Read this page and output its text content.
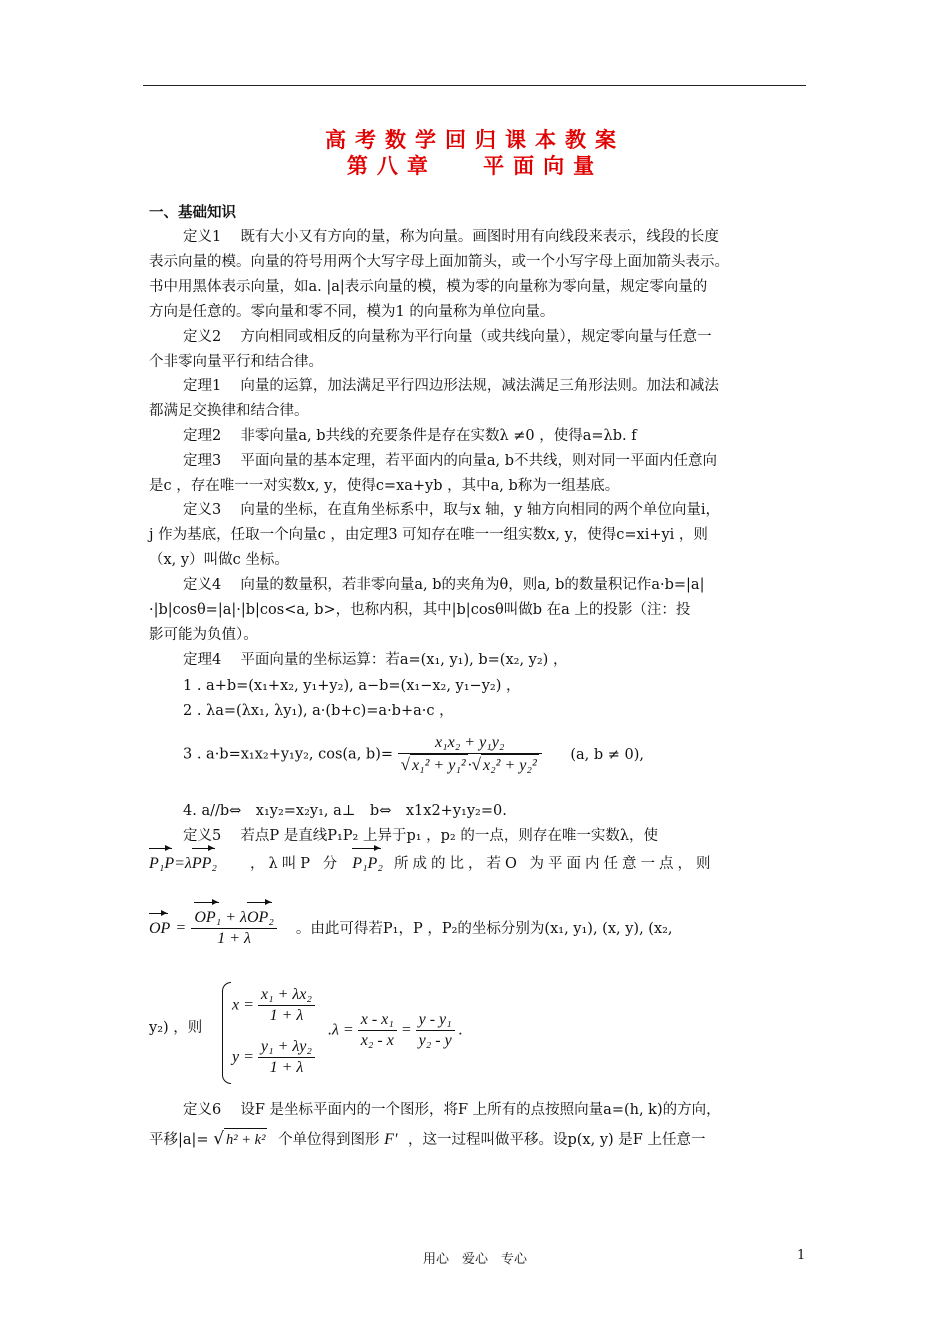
高考数学回归课本教案
第八章　 平面向量
一、基础知识
定义1　 既有大小又有方向的量，称为向量。画图时用有向线段来表示，线段的长度
表示向量的模。向量的符号用两个大写字母上面加箭头，或一个小写字母上面加箭头表示。
书中用黑体表示向量，如a. |a|表示向量的模，模为零的向量称为零向量，规定零向量的
方向是任意的。零向量和零不同，模为1 的向量称为单位向量。
定义2　 方向相同或相反的向量称为平行向量（或共线向量），规定零向量与任意一
个非零向量平行和结合律。
定理1　 向量的运算，加法满足平行四边形法规，减法满足三角形法则。加法和减法
都满足交换律和结合律。
定理2　 非零向量a, b共线的充要条件是存在实数λ ≠0 ，使得a=λb. f
定理3　 平面向量的基本定理，若平面内的向量a, b不共线，则对同一平面内任意向
是c ，存在唯一一对实数x, y，使得c=xa+yb ，其中a, b称为一组基底。
定义3　 向量的坐标，在直角坐标系中，取与x 轴，y 轴方向相同的两个单位向量i，
j 作为基底，任取一个向量c ，由定理3 可知存在唯一一组实数x, y，使得c=xi+yi ，则
（x, y）叫做c 坐标。
定义4　 向量的数量积，若非零向量a, b的夹角为θ，则a, b的数量积记作a·b=|a|
·|b|cosθ=|a|·|b|cos<a, b>，也称内积，其中|b|cosθ叫做b 在a 上的投影（注：投
影可能为负值）。
定理4　 平面向量的坐标运算：若a=(x₁, y₁), b=(x₂, y₂) ，
1 . a+b=(x₁+x₂, y₁+y₂), a−b=(x₁−x₂, y₁−y₂) ，
2 . λa=(λx₁, λy₁), a·(b+c)=a·b+a·c ，
3 . a·b=x₁x₂+y₁y₂, cos(a, $b)= \frac{\text{x₁x₂ + y₁y₂}}{\text{√ x₁² + y₁² ·√ x₂² + y₂²}} (a$, b ≠ 0),
4. a//b⇔　x₁y₂=x₂y₁, a⊥　b⇔　x1x2+y₁y₂=0.
定义5　 若点P 是直线P₁P₂ 上异于p₁ ，p₂ 的一点，则存在唯一实数λ，使
P₁P=λPP₂ ，λ叫P 分 P₁P₂ 所成的比，若O 为平面内任意一点，则
OP = $\frac{\text{OP₁ + λOP₂}}{1 + \lambda}$ 。由此可得若P₁，P ，P₂的坐标分别为(x₁, y₁), (x, y), (x₂,
y₂) ，则
$x = \frac{\text{x₁ + λx₂}}{1 + \lambda}$
$y = \frac{\text{y₁ + λy₂}}{1 + \lambda}$
$.\lambda = \frac{\text{x - x₁}}{\text{x₂ - x}} = \frac{\text{y - y₁}}{\text{y₂ - y}}$ .
定义6　 设F 是坐标平面内的一个图形，将F 上所有的点按照向量a=(h, k)的方向，
平移|a|= √ h² + k² 个单位得到图形 F' ，这一过程叫做平移。设p(x, y) 是F 上任意一
用心　爱心　专心	1
